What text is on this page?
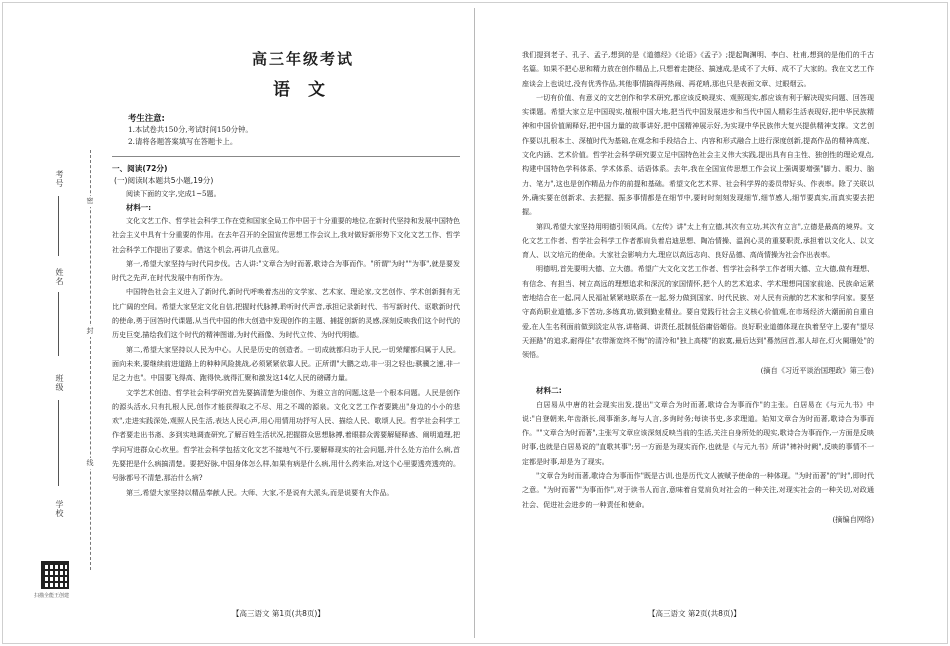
考号
姓名
班级
学校
密
封
线
扫描全能王创建
高三年级考试
语文
考生注意:
1.本试卷共150分,考试时间150分钟。
2.请将各题答案填写在答题卡上。
一、阅读(72分)
(一)阅读Ⅰ(本题共5小题,19分)
阅读下面的文字,完成1~5题。
材料一:

文化文艺工作、哲学社会科学工作在党和国家全局工作中居于十分重要的地位,在新时代坚持和发展中国特色社会主义中具有十分重要的作用。在去年召开的全国宣传思想工作会议上,我对做好新形势下文化文艺工作、哲学社会科学工作提出了要求。借这个机会,再讲几点意见。

第一,希望大家坚持与时代同步伐。古人讲:"文章合为时而著,歌诗合为事而作。"所谓"为时""为事",就是要发时代之先声,在时代发展中有所作为。

中国特色社会主义进入了新时代,新时代呼唤着杰出的文学家、艺术家、理论家,文艺创作、学术创新拥有无比广阔的空间。希望大家坚定文化自信,把握时代脉搏,聆听时代声音,承担记录新时代、书写新时代、讴歌新时代的使命,勇于回答时代课题,从当代中国的伟大创造中发现创作的主题、捕捉创新的灵感,深刻反映我们这个时代的历史巨变,描绘我们这个时代的精神图谱,为时代画像、为时代立传、为时代明德。

第二,希望大家坚持以人民为中心。人民是历史的创造者。一切成就都归功于人民,一切荣耀都归属于人民。面向未来,要继续前进道路上的种种风险挑战,必须紧紧依靠人民。正所谓"大鹏之动,非一羽之轻也;骐骥之速,非一足之力也"。中国要飞得高、跑得快,就得汇聚和激发这14亿人民的磅礴力量。

文学艺术创造、哲学社会科学研究首先要搞清楚为谁创作、为谁立言的问题,这是一个根本问题。人民是创作的源头活水,只有扎根人民,创作才能获得取之不尽、用之不竭的源泉。文化文艺工作者要跳出"身边的小小的悲欢",走进实践深处,观照人民生活,表达人民心声,用心用情用功抒写人民、描绘人民、歌颂人民。哲学社会科学工作者要走出书斋、多到实地调查研究,了解百姓生活状况,把握群众思想脉搏,着眼群众需要解疑释惑、阐明道理,把学问写进群众心坎里。哲学社会科学包括文化文艺不接地气不行,要解释现实的社会问题,并什么处方治什么病,首先要把是什么病搞清楚。要把好脉,中国身体怎么样,如果有病是什么病,用什么药来治,对这个心里要透亮透亮的。号脉都号不清楚,那治什么病?

第三,希望大家坚持以精品奉献人民。大师、大家,不是说有大派头,而是说要有大作品。

【高三语文 第1页(共8页)】

我们提到老子、孔子、孟子,想到的是《道德经》《论语》《孟子》;提起陶渊明、李白、杜甫,想到的是他们的千古名篇。如果不把心思和精力放在创作精品上,只想着走捷径、搞速成,是成不了大师、成不了大家的。我在文艺工作座谈会上也说过,没有优秀作品,其他事情搞得再热闹、再花哨,那也只是表面文章、过眼烟云。

一切有价值、有意义的文艺创作和学术研究,都应该反映现实、观照现实,都应该有利于解决现实问题、回答现实课题。希望大家立足中国现实,植根中国大地,把当代中国发展进步和当代中国人精彩生活表现好,把中华民族精神和中国价值阐释好,把中国力量的故事讲好,把中国精神展示好,为实现中华民族伟大复兴提供精神支撑。文艺创作要以扎根本土、深植时代为基础,在观念和手段结合上、内容和形式融合上进行深度创新,提高作品的精神高度、文化内涵、艺术价值。哲学社会科学研究要立足中国特色社会主义伟大实践,提出具有自主性、独创性的理论观点,构建中国特色学科体系、学术体系、话语体系。去年,我在全国宣传思想工作会议上强调要增强"脚力、眼力、脑力、笔力",这也是创作精品力作的前提和基础。希望文化艺术界、社会科学界的委员带好头、作表率。除了关联以外,确实要在创新求、去把握、振多事情都是在细节中,要时时刻刻发现细节,细节感人,细节要真实,而真实要去把握。

第四,希望大家坚持用明德引领风尚。《左传》讲"太上有立德,其次有立功,其次有立言",立德是最高的境界。文化文艺工作者、哲学社会科学工作者都肩负着启迪思想、陶冶情操、温润心灵的重要职责,承担着以文化人、以文育人、以文培元的使命。大家社会影响力大,理应以高远志向、良好品德、高尚情操为社会作出表率。

明德明,首先要明大德、立大德。希望广大文化文艺工作者、哲学社会科学工作者明大德、立大德,做有理想、有信念、有担当、树立高远的理想追求和深沉的家国情怀,把个人的艺术追求、学术理想同国家前途、民族命运紧密地结合在一起,同人民福祉紧紧地联系在一起,努力做到国家、时代民族、对人民有贡献的艺术家和学问家。要坚守高尚职业道德,多下苦功,多练真功,做到勤业精业。要自觉践行社会主义核心价值观,在市场经济大潮面前自重自爱,在人生名利面前做到淡定从容,讲格调、讲责任,抵制低俗庸俗媚俗。良好职业道德体现在执着坚守上,要有"望尽天涯路"的追求,耐得住"衣带渐宽终不悔"的清冷和"独上高楼"的寂寞,最后达到"蓦然回首,那人却在,灯火阑珊处"的领悟。

(摘自《习近平谈治国理政》第三卷)
材料二:

白居易从中唐的社会现实出发,提出"文章合为时而著,歌诗合为事而作"的主张。白居易在《与元九书》中说:"自登朝来,年齿渐长,阅事渐多,每与人言,多询时务;每读书史,多求理道。始知文章合为时而著,歌诗合为事而作。""文章合为时而著",主张写文章应该深刻反映当前的生活,关注自身所处的现实,歌诗合为事而作,一方面是反映时事,也就是白居易说的"直歌其事";另一方面是为现实而作,也就是《与元九书》所讲"裨补时阙",反映的事情不一定都是时事,却是为了现实。

"文章合为时而著,歌诗合为事而作"既是古训,也是历代文人被赋予使命的一种体现。"为时而著"的"时",即时代之意。"为时而著""为事而作",对于读书人而言,意味着自觉肩负对社会的一种关注,对现实社会的一种关切,对政通社会、促进社会进步的一种责任和使命。

(摘编自网络)
【高三语文 第2页(共8页)】
